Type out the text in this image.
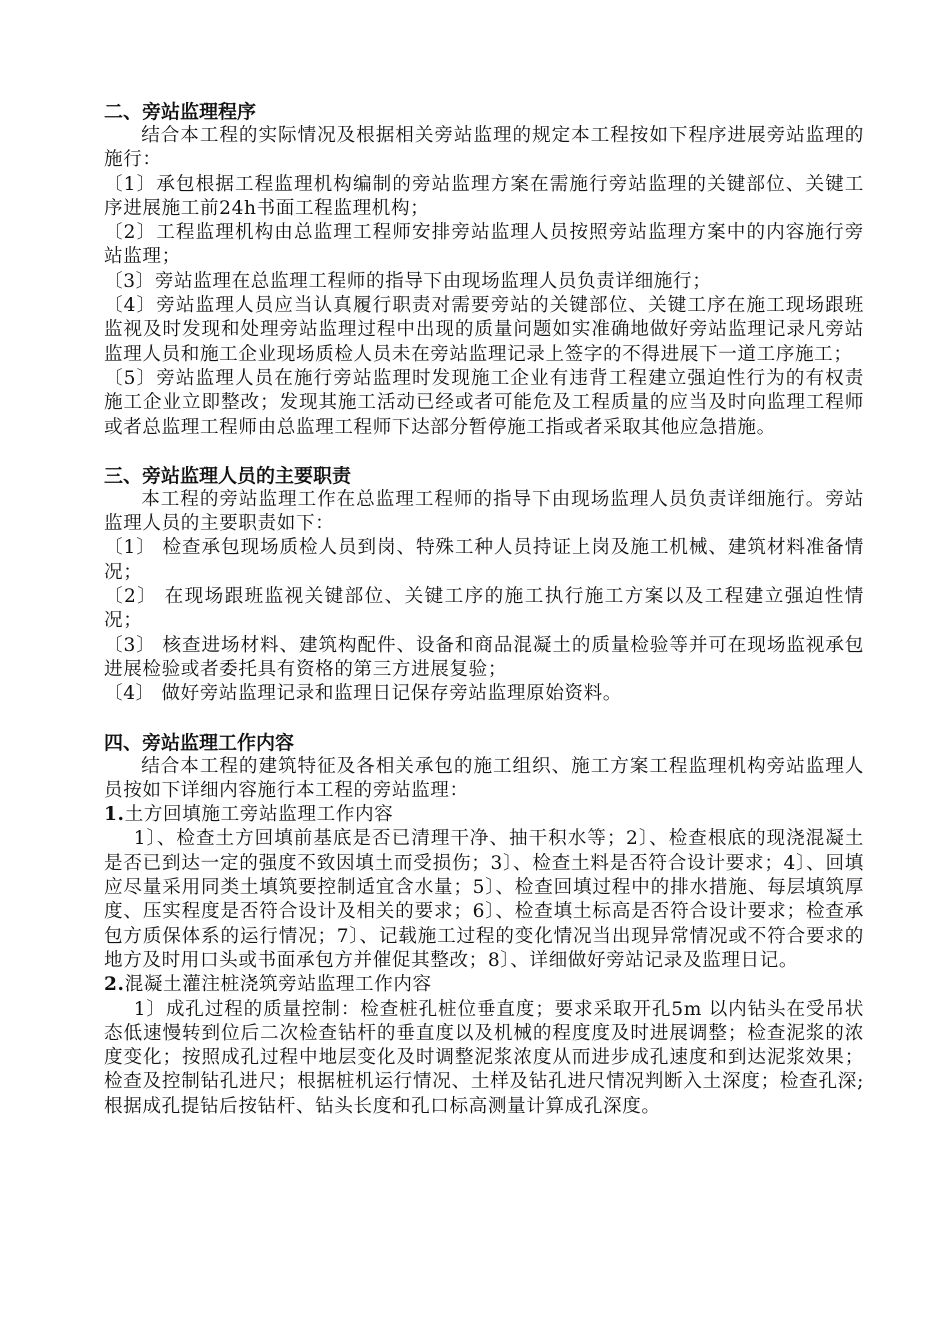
二、旁站监理程序

结合本工程的实际情况及根据相关旁站监理的规定本工程按如下程序进展旁站监理的施行：

〔1〕承包根据工程监理机构编制的旁站监理方案在需施行旁站监理的关键部位、关键工序进展施工前24h书面工程监理机构；

〔2〕工程监理机构由总监理工程师安排旁站监理人员按照旁站监理方案中的内容施行旁站监理；

〔3〕旁站监理在总监理工程师的指导下由现场监理人员负责详细施行；

〔4〕旁站监理人员应当认真履行职责对需要旁站的关键部位、关键工序在施工现场跟班监视及时发现和处理旁站监理过程中出现的质量问题如实准确地做好旁站监理记录凡旁站监理人员和施工企业现场质检人员未在旁站监理记录上签字的不得进展下一道工序施工；

〔5〕旁站监理人员在施行旁站监理时发现施工企业有违背工程建立强迫性行为的有权责施工企业立即整改；发现其施工活动已经或者可能危及工程质量的应当及时向监理工程师或者总监理工程师由总监理工程师下达部分暂停施工指或者采取其他应急措施。

三、旁站监理人员的主要职责

本工程的旁站监理工作在总监理工程师的指导下由现场监理人员负责详细施行。旁站监理人员的主要职责如下：

〔1〕 检查承包现场质检人员到岗、特殊工种人员持证上岗及施工机械、建筑材料准备情况；

〔2〕 在现场跟班监视关键部位、关键工序的施工执行施工方案以及工程建立强迫性情况；

〔3〕 核查进场材料、建筑构配件、设备和商品混凝土的质量检验等并可在现场监视承包进展检验或者委托具有资格的第三方进展复验；

〔4〕 做好旁站监理记录和监理日记保存旁站监理原始资料。

四、旁站监理工作内容

结合本工程的建筑特征及各相关承包的施工组织、施工方案工程监理机构旁站监理人员按如下详细内容施行本工程的旁站监理：

1.土方回填施工旁站监理工作内容

1〕、检查土方回填前基底是否已清理干净、抽干积水等；2〕、检查根底的现浇混凝土是否已到达一定的强度不致因填土而受损伤；3〕、检查土料是否符合设计要求；4〕、回填应尽量采用同类土填筑要控制适宜含水量；5〕、检查回填过程中的排水措施、每层填筑厚度、压实程度是否符合设计及相关的要求；6〕、检查填土标高是否符合设计要求；检查承包方质保体系的运行情况；7〕、记载施工过程的变化情况当出现异常情况或不符合要求的地方及时用口头或书面承包方并催促其整改；8〕、详细做好旁站记录及监理日记。

2.混凝土灌注桩浇筑旁站监理工作内容

1〕成孔过程的质量控制：检查桩孔桩位垂直度；要求采取开孔5m 以内钻头在受吊状态低速慢转到位后二次检查钻杆的垂直度以及机械的程度度及时进展调整；检查泥浆的浓度变化；按照成孔过程中地层变化及时调整泥浆浓度从而进步成孔速度和到达泥浆效果；检查及控制钻孔进尺；根据桩机运行情况、土样及钻孔进尺情况判断入土深度；检查孔深;根据成孔提钻后按钻杆、钻头长度和孔口标高测量计算成孔深度。
